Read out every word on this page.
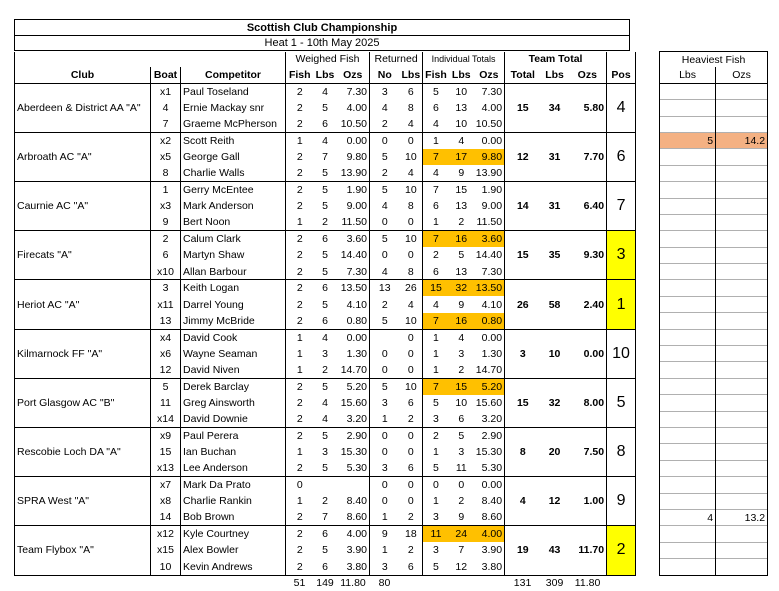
Scottish Club Championship
Heat 1 - 10th May 2025
			Weighed Fish			Returned		Individual Totals			Team Total					Heaviest Fish	
Club	Boat	Competitor	Fish	Lbs	Ozs	No	Lbs	Fish	Lbs	Ozs	Total	Lbs	Ozs	Pos		Lbs	Ozs
Aberdeen & District AA "A"	x1	Paul Toseland	2	4	7.30	3	6	5	10	7.30	15	34	5.80	4			
	4	Ernie Mackay snr	2	5	4.00	4	8	6	13	4.00							
	7	Graeme McPherson	2	6	10.50	2	4	4	10	10.50							
Arbroath AC "A"	x2	Scott Reith	1	4	0.00	0	0	1	4	0.00	12	31	7.70	6		5	14.2
	x5	George Gall	2	7	9.80	5	10	7	17	9.80							
	8	Charlie Walls	2	5	13.90	2	4	4	9	13.90							
Caurnie AC "A"	1	Gerry McEntee	2	5	1.90	5	10	7	15	1.90	14	31	6.40	7			
	x3	Mark Anderson	2	5	9.00	4	8	6	13	9.00							
	9	Bert Noon	1	2	11.50	0	0	1	2	11.50							
Firecats "A"	2	Calum Clark	2	6	3.60	5	10	7	16	3.60	15	35	9.30	3			
	6	Martyn Shaw	2	5	14.40	0	0	2	5	14.40							
	x10	Allan Barbour	2	5	7.30	4	8	6	13	7.30							
Heriot AC "A"	3	Keith Logan	2	6	13.50	13	26	15	32	13.50	26	58	2.40	1			
	x11	Darrel Young	2	5	4.10	2	4	4	9	4.10							
	13	Jimmy McBride	2	6	0.80	5	10	7	16	0.80							
Kilmarnock FF "A"	x4	David Cook	1	4	0.00		0	1	4	0.00	3	10	0.00	10			
	x6	Wayne Seaman	1	3	1.30	0	0	1	3	1.30							
	12	David Niven	1	2	14.70	0	0	1	2	14.70							
Port Glasgow AC "B"	5	Derek Barclay	2	5	5.20	5	10	7	15	5.20	15	32	8.00	5			
	11	Greg Ainsworth	2	4	15.60	3	6	5	10	15.60							
	x14	David Downie	2	4	3.20	1	2	3	6	3.20							
Rescobie Loch DA "A"	x9	Paul Perera	2	5	2.90	0	0	2	5	2.90	8	20	7.50	8			
	15	Ian Buchan	1	3	15.30	0	0	1	3	15.30							
	x13	Lee Anderson	2	5	5.30	3	6	5	11	5.30							
SPRA West "A"	x7	Mark Da Prato	0			0	0	0	0	0.00	4	12	1.00	9			
	x8	Charlie Rankin	1	2	8.40	0	0	1	2	8.40							
	14	Bob Brown	2	7	8.60	1	2	3	9	8.60						4	13.2
Team Flybox "A"	x12	Kyle Courtney	2	6	4.00	9	18	11	24	4.00	19	43	11.70	2			
	x15	Alex Bowler	2	5	3.90	1	2	3	7	3.90							
	10	Kevin Andrews	2	6	3.80	3	6	5	12	3.80							
			51	149	11.80	80					131	309	11.80				
